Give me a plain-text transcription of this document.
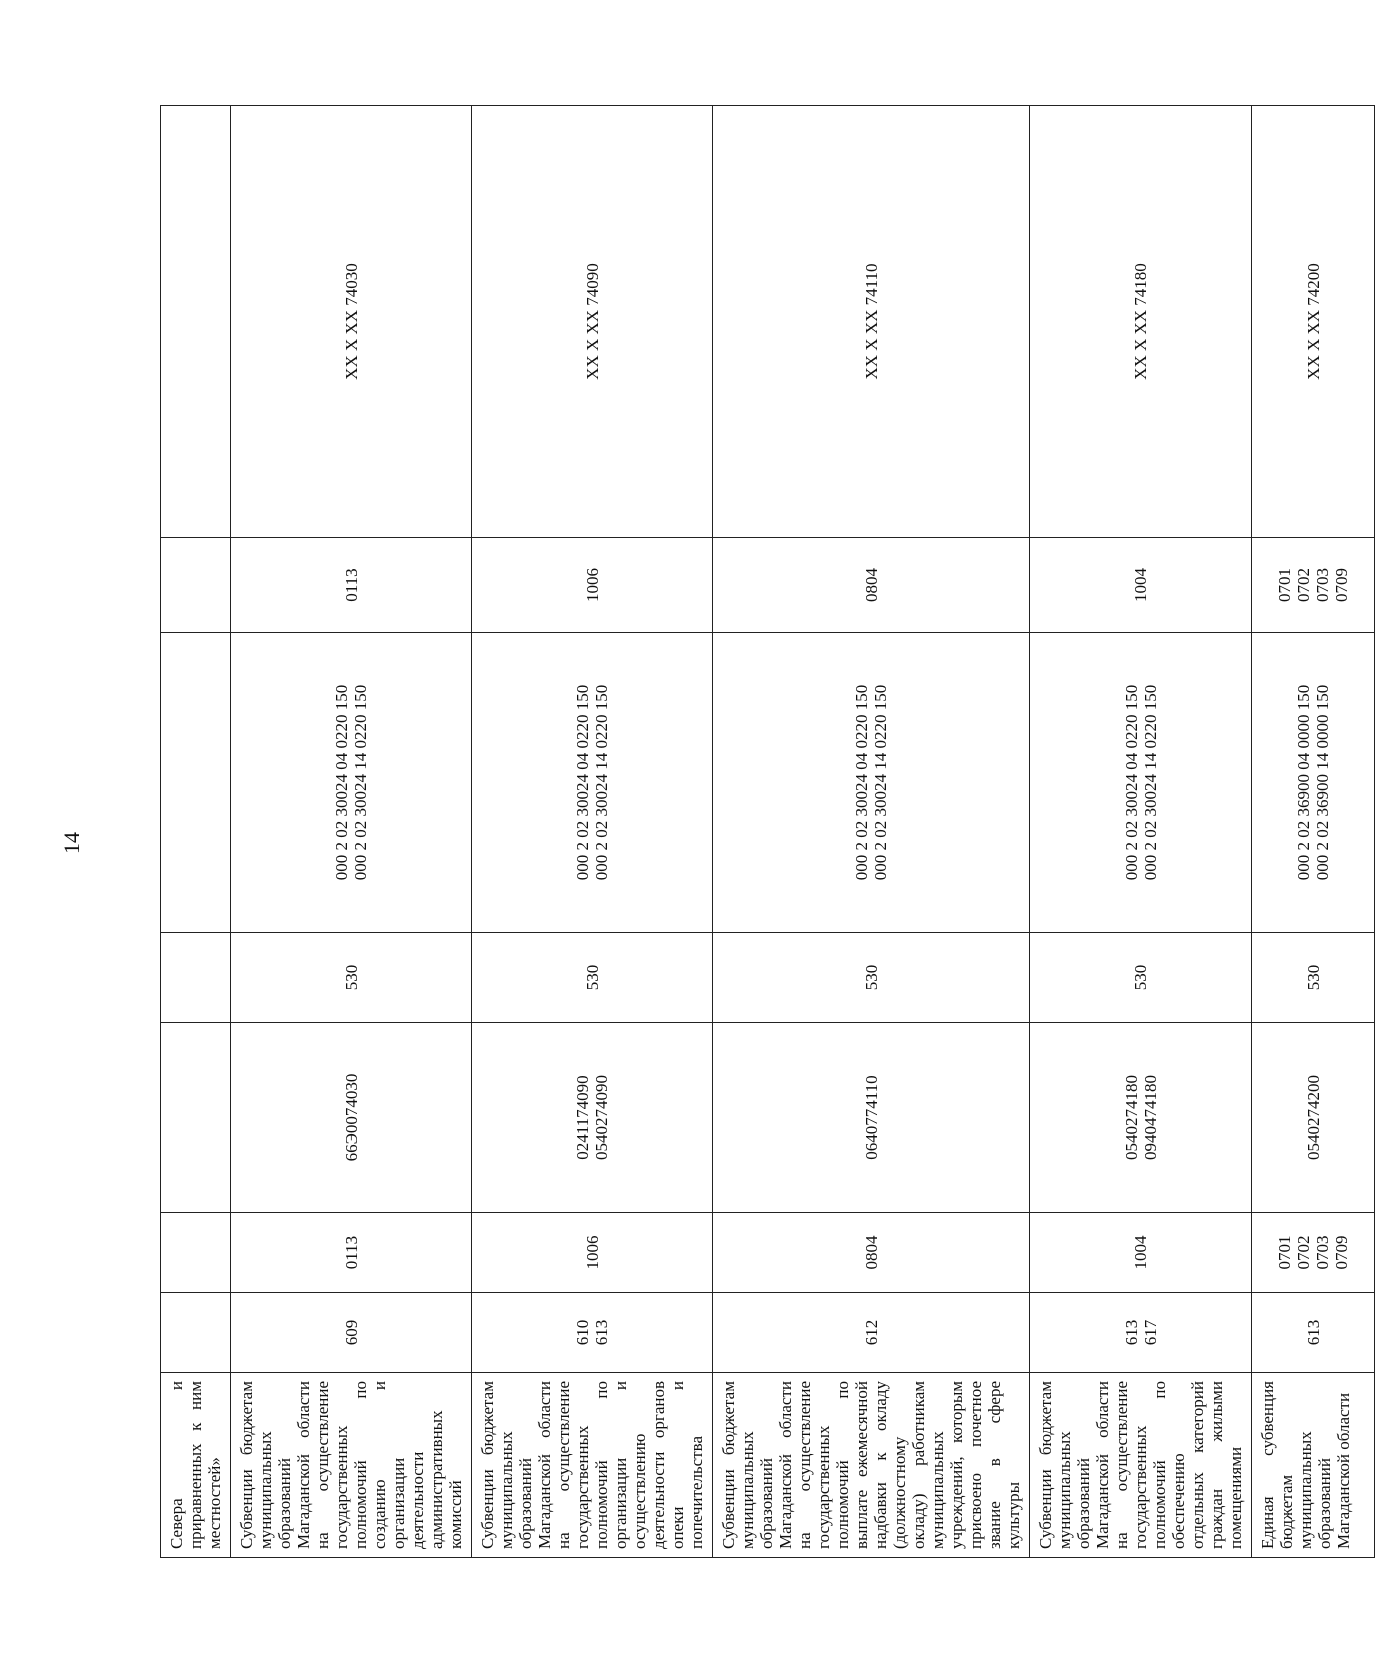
14
Севера и приравненных к ним местностей»							

Субвенции бюджетам муниципальных образований Магаданской области на осуществление государственных полномочий по созданию и организации деятельности административных комиссий	609	0113	66Э0074030	530	000 2 02 30024 04 0220 150 000 2 02 30024 14 0220 150	0113	XX X XX 74030

Субвенции бюджетам муниципальных образований Магаданской области на осуществление государственных полномочий по организации и осуществлению деятельности органов опеки и попечительства	610 613	1006	0241174090 0540274090	530	000 2 02 30024 04 0220 150 000 2 02 30024 14 0220 150	1006	XX X XX 74090

Субвенции бюджетам муниципальных образований Магаданской области на осуществление государственных полномочий по выплате ежемесячной надбавки к окладу (должностному окладу) работникам муниципальных учреждений, которым присвоено почетное звание в сфере культуры	612	0804	0640774110	530	000 2 02 30024 04 0220 150 000 2 02 30024 14 0220 150	0804	XX X XX 74110

Субвенции бюджетам муниципальных образований Магаданской области на осуществление государственных полномочий по обеспечению отдельных категорий граждан жилыми помещениями	613 617	1004	0540274180 0940474180	530	000 2 02 30024 04 0220 150 000 2 02 30024 14 0220 150	1004	XX X XX 74180

Единая субвенция бюджетам муниципальных образований Магаданской области	613	0701 0702 0703 0709	0540274200	530	000 2 02 36900 04 0000 150 000 2 02 36900 14 0000 150	0701 0702 0703 0709	XX X XX 74200
